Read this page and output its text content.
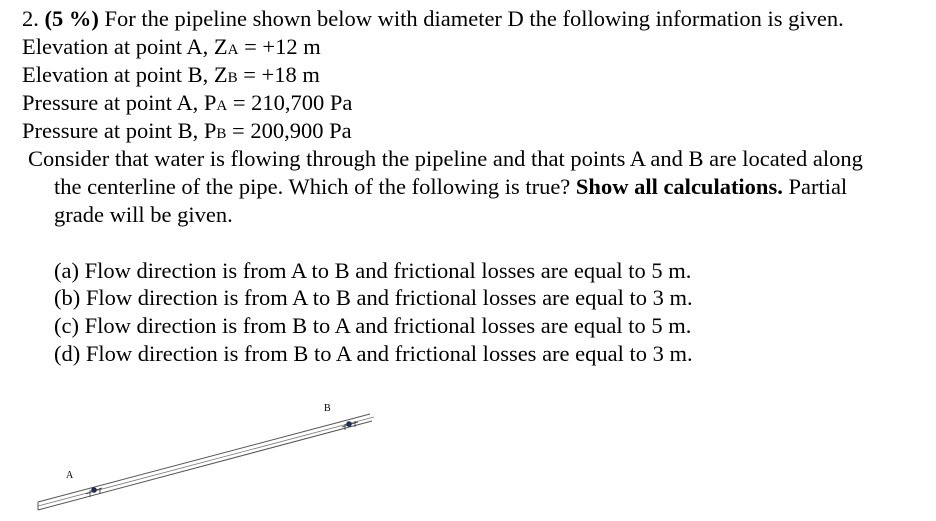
2. (5 %) For the pipeline shown below with diameter D the following information is given.
Elevation at point A, ZA = +12 m
Elevation at point B, ZB = +18 m
Pressure at point A, PA = 210,700 Pa
Pressure at point B, PB = 200,900 Pa
Consider that water is flowing through the pipeline and that points A and B are located along
the centerline of the pipe. Which of the following is true? Show all calculations. Partial
grade will be given.
(a) Flow direction is from A to B and frictional losses are equal to 5 m.
(b) Flow direction is from A to B and frictional losses are equal to 3 m.
(c) Flow direction is from B to A and frictional losses are equal to 5 m.
(d) Flow direction is from B to A and frictional losses are equal to 3 m.
A
B
